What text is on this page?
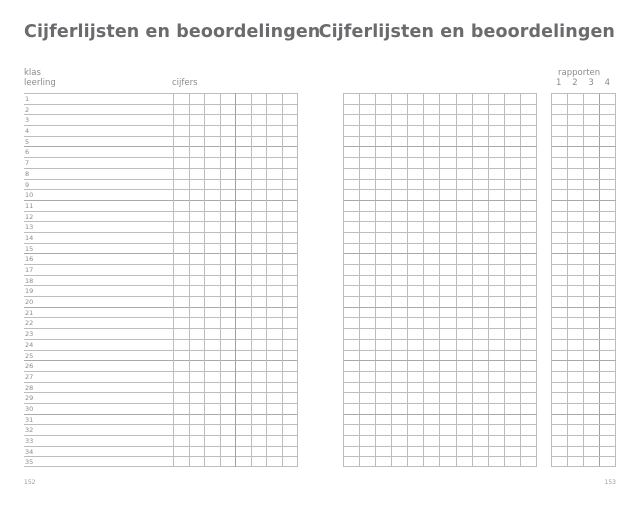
Cijferlijsten en beoordelingen
klas
leerling	cijfers
1
2
3
4
5
6
7
8
9
10
11
12
13
14
15
16
17
18
19
20
21
22
23
24
25
26
27
28
29
30
31
32
33
34
35
152
Cijferlijsten en beoordelingen
rapporten
1 2 3 4
153
